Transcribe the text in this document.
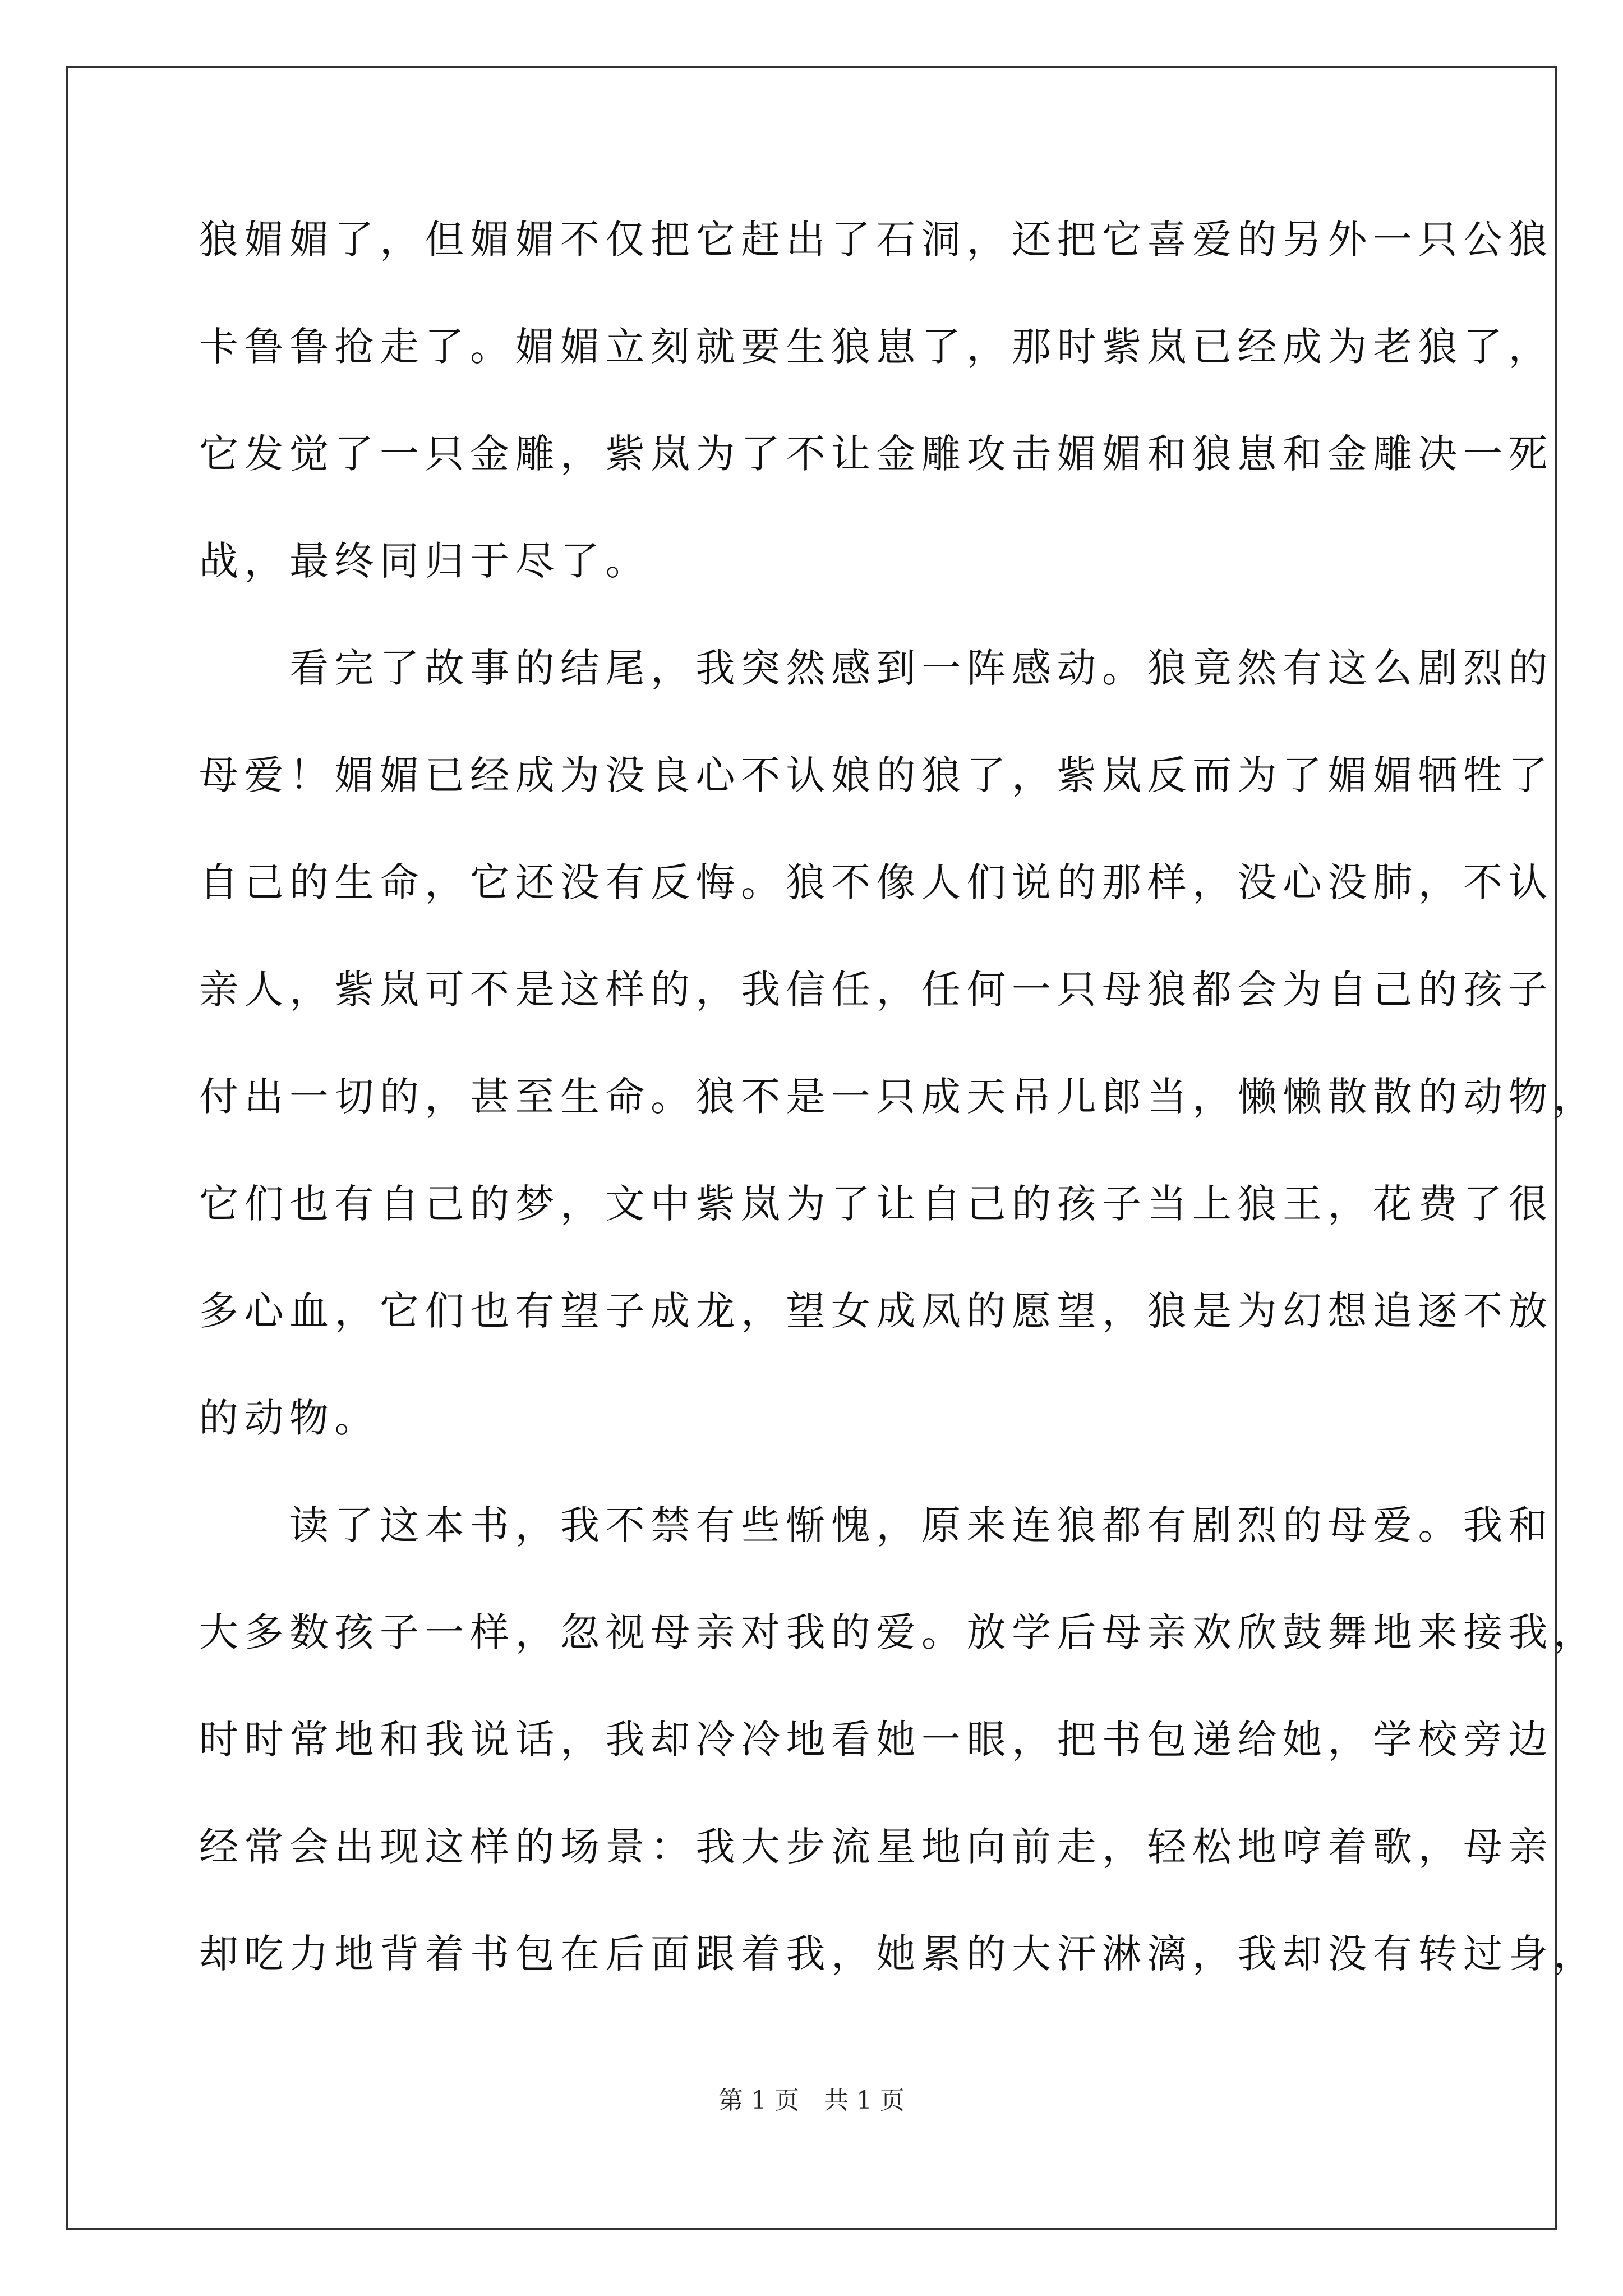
狼媚媚了，但媚媚不仅把它赶出了石洞，还把它喜爱的另外一只公狼
卡鲁鲁抢走了。媚媚立刻就要生狼崽了，那时紫岚已经成为老狼了，
它发觉了一只金雕，紫岚为了不让金雕攻击媚媚和狼崽和金雕决一死
战，最终同归于尽了。
　　看完了故事的结尾，我突然感到一阵感动。狼竟然有这么剧烈的
母爱！媚媚已经成为没良心不认娘的狼了，紫岚反而为了媚媚牺牲了
自己的生命，它还没有反悔。狼不像人们说的那样，没心没肺，不认
亲人，紫岚可不是这样的，我信任，任何一只母狼都会为自己的孩子
付出一切的，甚至生命。狼不是一只成天吊儿郎当，懒懒散散的动物，
它们也有自己的梦，文中紫岚为了让自己的孩子当上狼王，花费了很
多心血，它们也有望子成龙，望女成凤的愿望，狼是为幻想追逐不放
的动物。
　　读了这本书，我不禁有些惭愧，原来连狼都有剧烈的母爱。我和
大多数孩子一样，忽视母亲对我的爱。放学后母亲欢欣鼓舞地来接我，
时时常地和我说话，我却冷冷地看她一眼，把书包递给她，学校旁边
经常会出现这样的场景：我大步流星地向前走，轻松地哼着歌，母亲
却吃力地背着书包在后面跟着我，她累的大汗淋漓，我却没有转过身，
第 1 页　共 1 页
